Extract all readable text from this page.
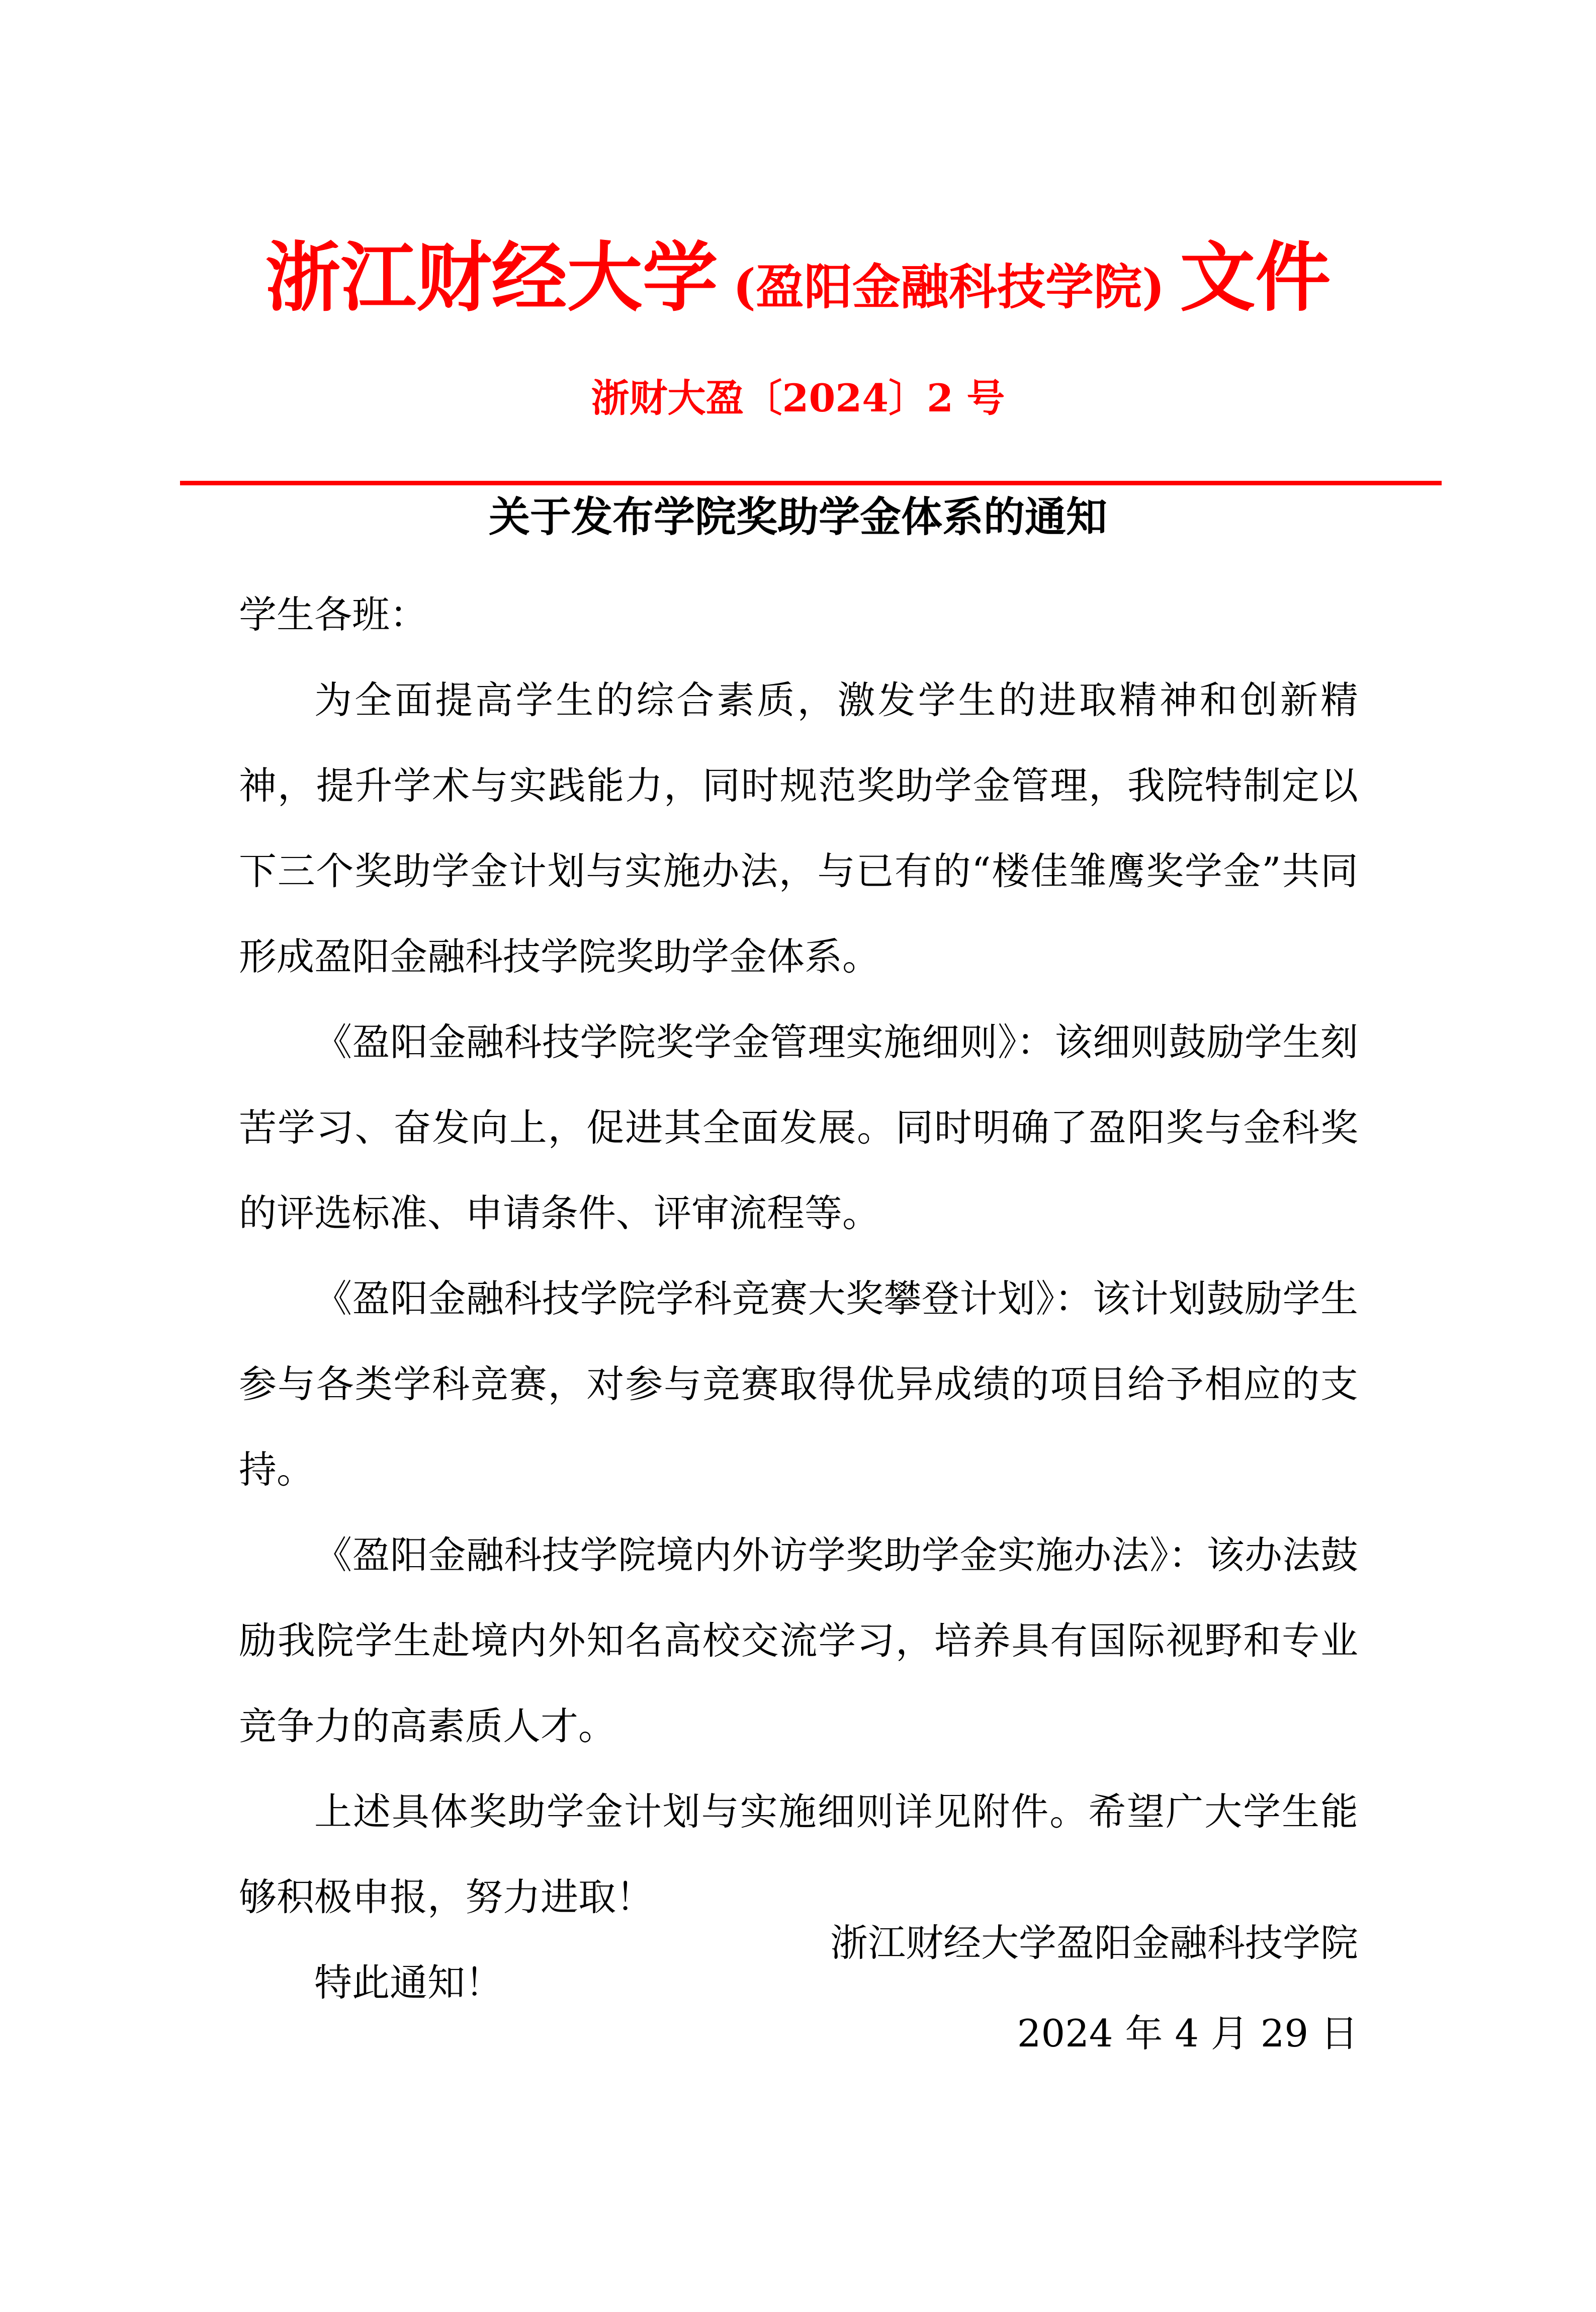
浙江财经大学 (盈阳金融科技学院) 文件
浙财大盈〔2024〕2 号
关于发布学院奖助学金体系的通知

学生各班：

为全面提高学生的综合素质，激发学生的进取精神和创新精神，提升学术与实践能力，同时规范奖助学金管理，我院特制定以下三个奖助学金计划与实施办法，与已有的“楼佳雏鹰奖学金”共同形成盈阳金融科技学院奖助学金体系。

《盈阳金融科技学院奖学金管理实施细则》：该细则鼓励学生刻苦学习、奋发向上，促进其全面发展。同时明确了盈阳奖与金科奖的评选标准、申请条件、评审流程等。

《盈阳金融科技学院学科竞赛大奖攀登计划》：该计划鼓励学生参与各类学科竞赛，对参与竞赛取得优异成绩的项目给予相应的支持。

《盈阳金融科技学院境内外访学奖助学金实施办法》：该办法鼓励我院学生赴境内外知名高校交流学习，培养具有国际视野和专业竞争力的高素质人才。

上述具体奖助学金计划与实施细则详见附件。希望广大学生能够积极申报，努力进取！

特此通知！

浙江财经大学盈阳金融科技学院
2024 年 4 月 29 日
